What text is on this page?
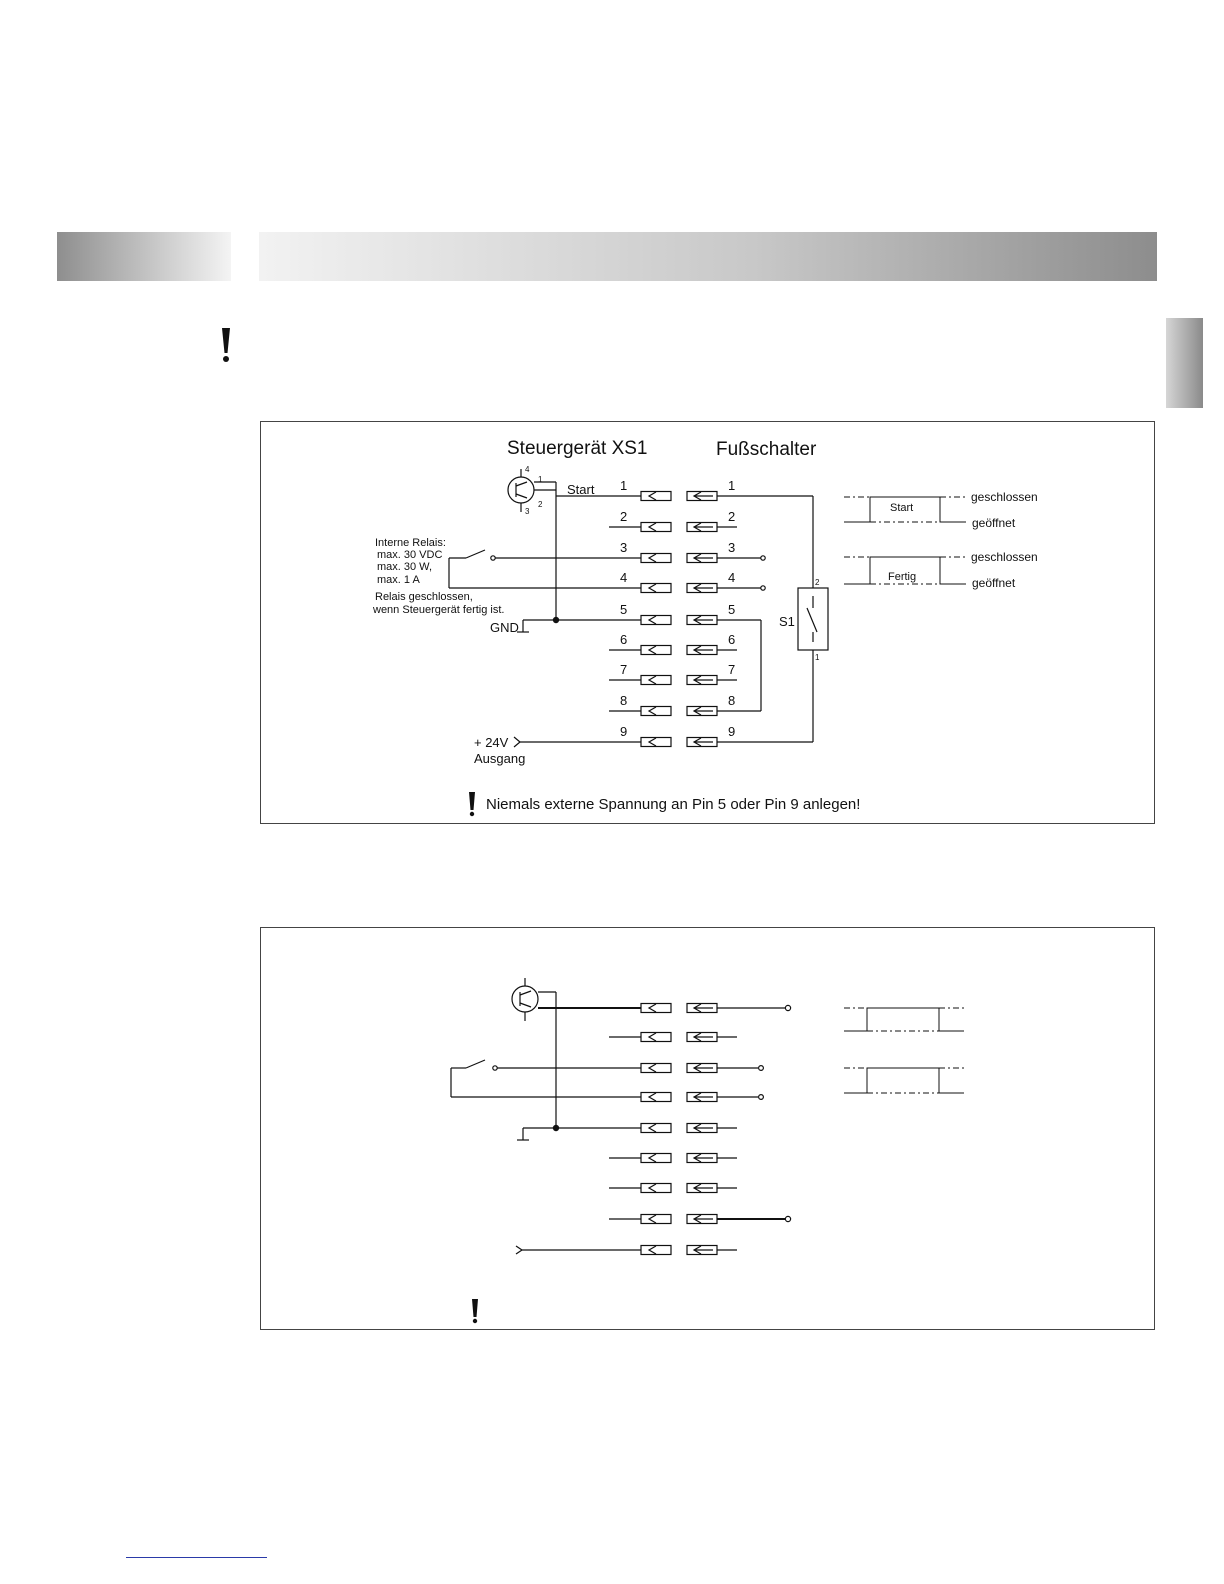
Steuergerät XS1	Fußschalter
4
1
2
3
Start
Interne Relais:
max. 30 VDC
max. 30 W,
max. 1 A
Relais geschlossen,
wenn Steuergerät fertig ist.
GND
+ 24V
Ausgang
S1
2
1
1	1
2	2
3	3
4	4
5	5
6	6
7	7
8	8
9	9
Start
geschlossen
geöffnet
Fertig
geschlossen
geöffnet
Niemals externe Spannung an Pin 5 oder Pin 9 anlegen!
